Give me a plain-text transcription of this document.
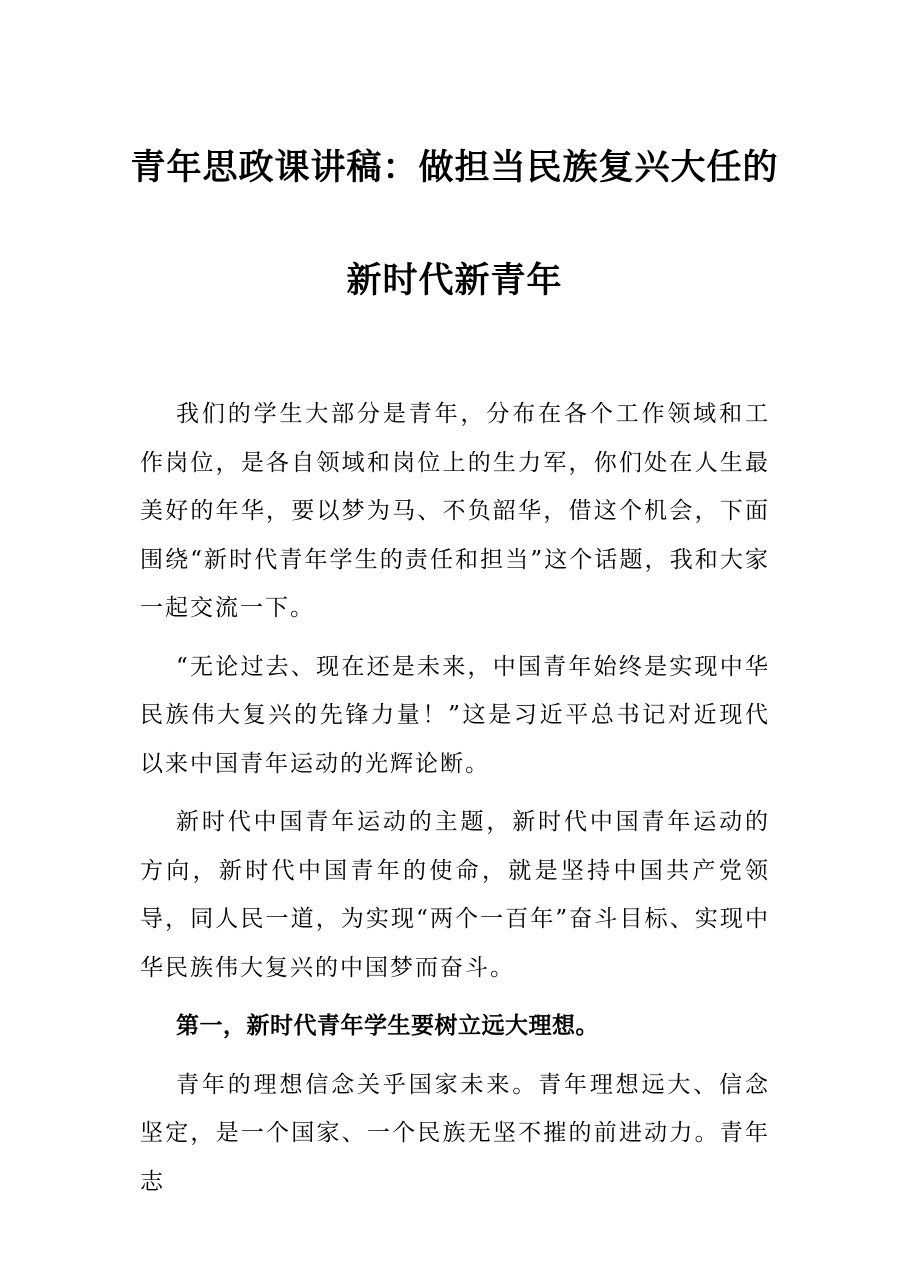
青年思政课讲稿：做担当民族复兴大任的
新时代新青年

我们的学生大部分是青年，分布在各个工作领域和工作岗位，是各自领域和岗位上的生力军，你们处在人生最美好的年华，要以梦为马、不负韶华，借这个机会，下面围绕“新时代青年学生的责任和担当”这个话题，我和大家一起交流一下。

“无论过去、现在还是未来，中国青年始终是实现中华民族伟大复兴的先锋力量！”这是习近平总书记对近现代以来中国青年运动的光辉论断。

新时代中国青年运动的主题，新时代中国青年运动的方向，新时代中国青年的使命，就是坚持中国共产党领导，同人民一道，为实现“两个一百年”奋斗目标、实现中华民族伟大复兴的中国梦而奋斗。

第一，新时代青年学生要树立远大理想。

青年的理想信念关乎国家未来。青年理想远大、信念坚定，是一个国家、一个民族无坚不摧的前进动力。青年志
